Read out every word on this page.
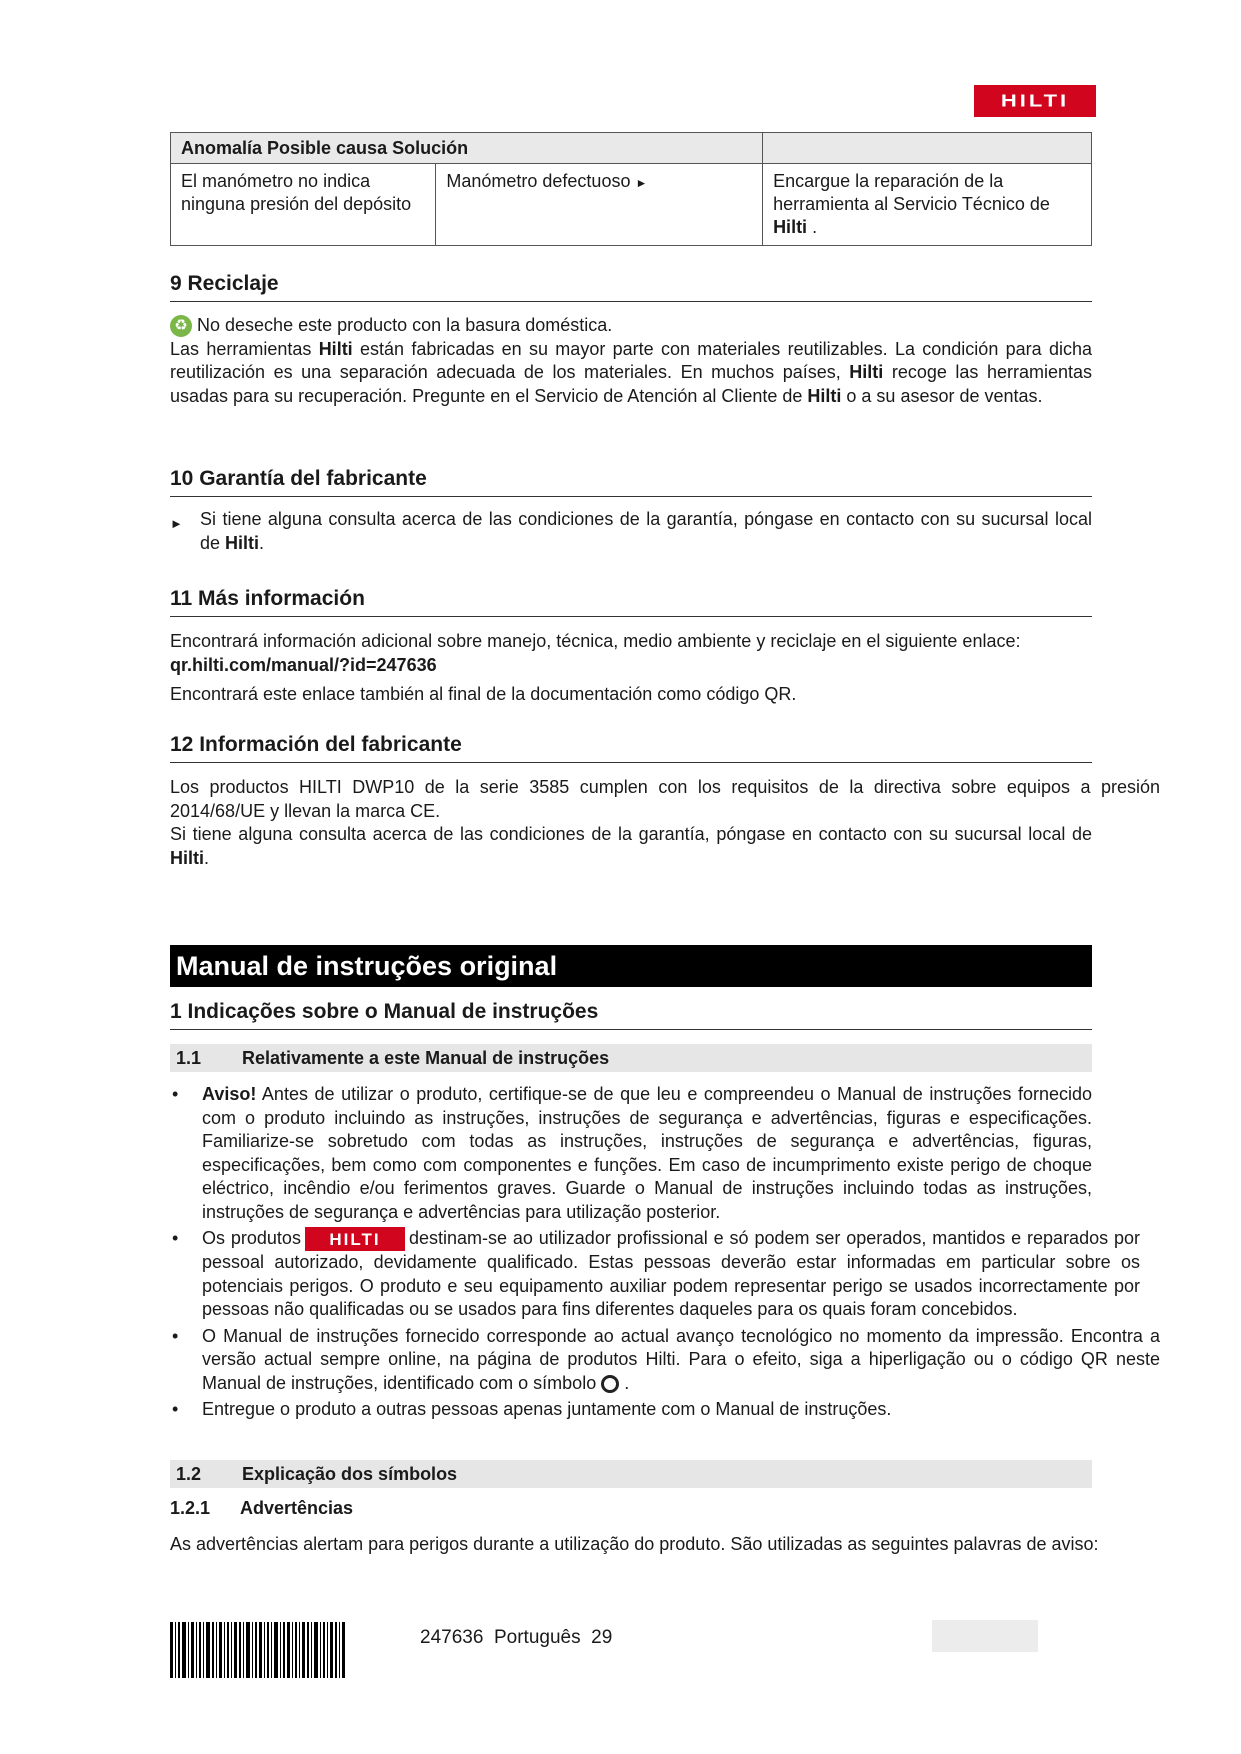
HILTI
Anomalía Posible causa Solución		
El manómetro no indica ninguna presión del depósito	Manómetro defectuoso ►	Encargue la reparación de la herramienta al Servicio Técnico de Hilti .
9 Reciclaje

♻ No deseche este producto con la basura doméstica.

Las herramientas Hilti están fabricadas en su mayor parte con materiales reutilizables. La condición para dicha reutilización es una separación adecuada de los materiales. En muchos países, Hilti recoge las herramientas usadas para su recuperación. Pregunte en el Servicio de Atención al Cliente de Hilti o a su asesor de ventas.

10 Garantía del fabricante
► Si tiene alguna consulta acerca de las condiciones de la garantía, póngase en contacto con su sucursal local de Hilti.
11 Más información

Encontrará información adicional sobre manejo, técnica, medio ambiente y reciclaje en el siguiente enlace:

qr.hilti.com/manual/?id=247636

Encontrará este enlace también al final de la documentación como código QR.

12 Información del fabricante

Los productos HILTI DWP10 de la serie 3585 cumplen con los requisitos de la directiva sobre equipos a presión 2014/68/UE y llevan la marca CE.

Si tiene alguna consulta acerca de las condiciones de la garantía, póngase en contacto con su sucursal local de Hilti.

Manual de instruções original
1 Indicações sobre o Manual de instruções
1.1	Relativamente a este Manual de instruções
•	Aviso! Antes de utilizar o produto, certifique-se de que leu e compreendeu o Manual de instruções fornecido com o produto incluindo as instruções, instruções de segurança e advertências, figuras e especificações. Familiarize-se sobretudo com todas as instruções, instruções de segurança e advertências, figuras, especificações, bem como com componentes e funções. Em caso de incumprimento existe perigo de choque eléctrico, incêndio e/ou ferimentos graves. Guarde o Manual de instruções incluindo todas as instruções, instruções de segurança e advertências para utilização posterior.
•	Os produtos HILTI destinam-se ao utilizador profissional e só podem ser operados, mantidos e reparados por pessoal autorizado, devidamente qualificado. Estas pessoas deverão estar informadas em particular sobre os potenciais perigos. O produto e seu equipamento auxiliar podem representar perigo se usados incorrectamente por pessoas não qualificadas ou se usados para fins diferentes daqueles para os quais foram concebidos.
•	O Manual de instruções fornecido corresponde ao actual avanço tecnológico no momento da impressão. Encontra a versão actual sempre online, na página de produtos Hilti. Para o efeito, siga a hiperligação ou o código QR neste Manual de instruções, identificado com o símbolo .
•	Entregue o produto a outras pessoas apenas juntamente com o Manual de instruções.
1.2	Explicação dos símbolos
1.2.1	Advertências

As advertências alertam para perigos durante a utilização do produto. São utilizadas as seguintes palavras de aviso:

247636 Português 29
